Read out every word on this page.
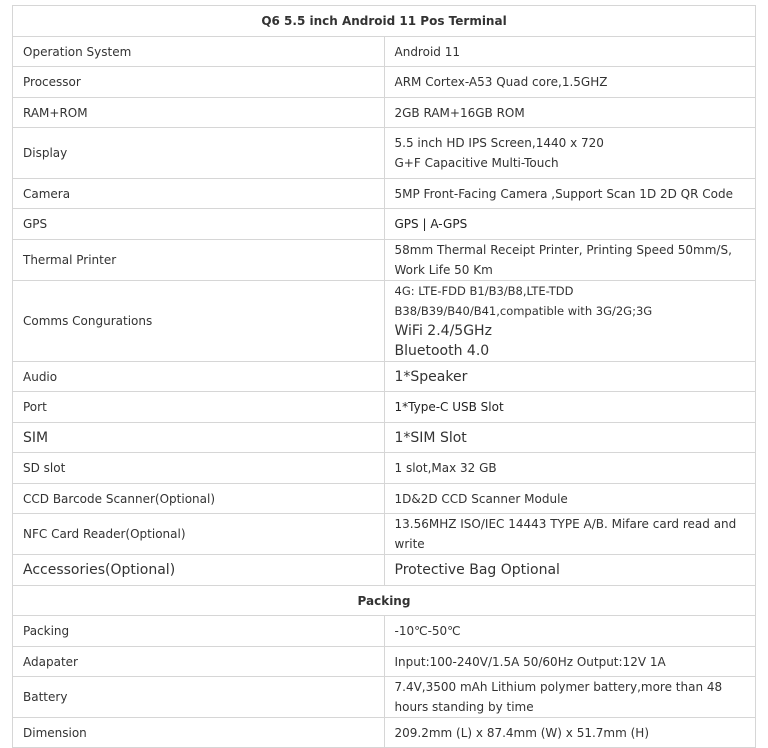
Q6 5.5 inch Android 11 Pos Terminal	
Operation System	Android 11
Processor	ARM Cortex-A53 Quad core,1.5GHZ
RAM+ROM	2GB RAM+16GB ROM
Display	5.5 inch HD IPS Screen,1440 x 720
G+F Capacitive Multi-Touch

Camera	5MP Front-Facing Camera ,Support Scan 1D 2D QR Code
GPS	GPS | A-GPS
Thermal Printer	58mm Thermal Receipt Printer, Printing Speed 50mm/S, Work Life 50 Km
Comms Congurations	4G: LTE-FDD B1/B3/B8,LTE-TDD B38/B39/B40/B41,compatible with 3G/2G;3G
WiFi 2.4/5GHz
Bluetooth 4.0

Audio	1*Speaker
Port	1*Type-C USB Slot
SIM	1*SIM Slot
SD slot	1 slot,Max 32 GB
CCD Barcode Scanner(Optional)	1D&2D CCD Scanner Module
NFC Card Reader(Optional)	13.56MHZ ISO/IEC 14443 TYPE A/B. Mifare card read and write
Accessories(Optional)	Protective Bag Optional
Packing	
Packing	-10℃-50℃
Adapater	Input:100-240V/1.5A 50/60Hz Output:12V 1A
Battery	7.4V,3500 mAh Lithium polymer battery,more than 48 hours standing by time
Dimension	209.2mm (L) x 87.4mm (W) x 51.7mm (H)
